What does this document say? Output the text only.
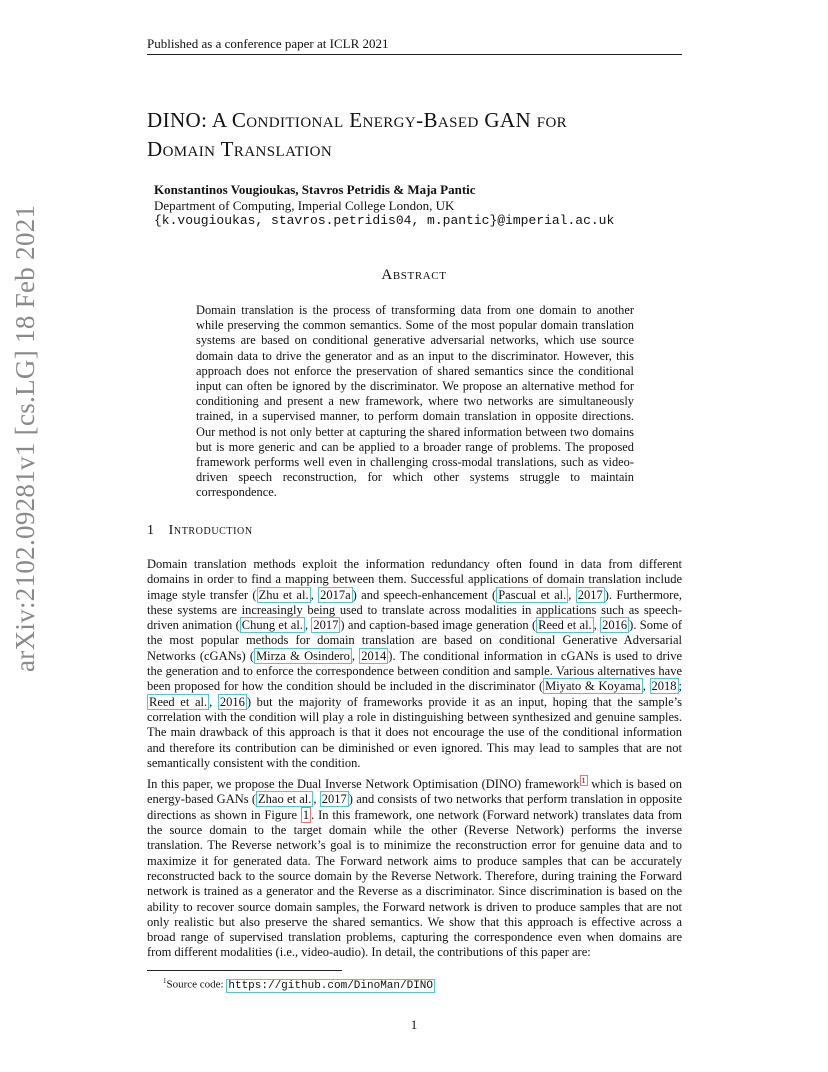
Published as a conference paper at ICLR 2021
arXiv:2102.09281v1 [cs.LG] 18 Feb 2021
DINO: A Conditional Energy-Based GAN for
Domain Translation
Konstantinos Vougioukas, Stavros Petridis & Maja Pantic
Department of Computing, Imperial College London, UK
{k.vougioukas, stavros.petridis04, m.pantic}@imperial.ac.uk
Abstract
Domain translation is the process of transforming data from one domain to another while preserving the common semantics. Some of the most popular domain translation systems are based on conditional generative adversarial networks, which use source domain data to drive the generator and as an input to the discriminator. However, this approach does not enforce the preservation of shared semantics since the conditional input can often be ignored by the discriminator. We propose an alternative method for conditioning and present a new framework, where two networks are simultaneously trained, in a supervised manner, to perform domain translation in opposite directions. Our method is not only better at capturing the shared information between two domains but is more generic and can be applied to a broader range of problems. The proposed framework performs well even in challenging cross-modal translations, such as video-driven speech reconstruction, for which other systems struggle to maintain correspondence.
1 Introduction
Domain translation methods exploit the information redundancy often found in data from different domains in order to find a mapping between them. Successful applications of domain translation include image style transfer ( Zhu et al. , 2017a ) and speech-enhancement ( Pascual et al. , 2017 ). Furthermore, these systems are increasingly being used to translate across modalities in applications such as speech-driven animation ( Chung et al. , 2017 ) and caption-based image generation ( Reed et al. , 2016 ). Some of the most popular methods for domain translation are based on conditional Generative Adversarial Networks (cGANs) ( Mirza & Osindero , 2014 ). The conditional information in cGANs is used to drive the generation and to enforce the correspondence between condition and sample. Various alternatives have been proposed for how the condition should be included in the discriminator ( Miyato & Koyama , 2018 ; Reed et al. , 2016 ) but the majority of frameworks provide it as an input, hoping that the sample’s correlation with the condition will play a role in distinguishing between synthesized and genuine samples. The main drawback of this approach is that it does not encourage the use of the conditional information and therefore its contribution can be diminished or even ignored. This may lead to samples that are not semantically consistent with the condition.
In this paper, we propose the Dual Inverse Network Optimisation (DINO) framework $^1$ which is based on energy-based GANs ( Zhao et al. , 2017 ) and consists of two networks that perform translation in opposite directions as shown in Figure 1 . In this framework, one network (Forward network) translates data from the source domain to the target domain while the other (Reverse Network) performs the inverse translation. The Reverse network’s goal is to minimize the reconstruction error for genuine data and to maximize it for generated data. The Forward network aims to produce samples that can be accurately reconstructed back to the source domain by the Reverse Network. Therefore, during training the Forward network is trained as a generator and the Reverse as a discriminator. Since discrimination is based on the ability to recover source domain samples, the Forward network is driven to produce samples that are not only realistic but also preserve the shared semantics. We show that this approach is effective across a broad range of supervised translation problems, capturing the correspondence even when domains are from different modalities (i.e., video-audio). In detail, the contributions of this paper are:
$^1$Source code: https://github.com/DinoMan/DINO
1
